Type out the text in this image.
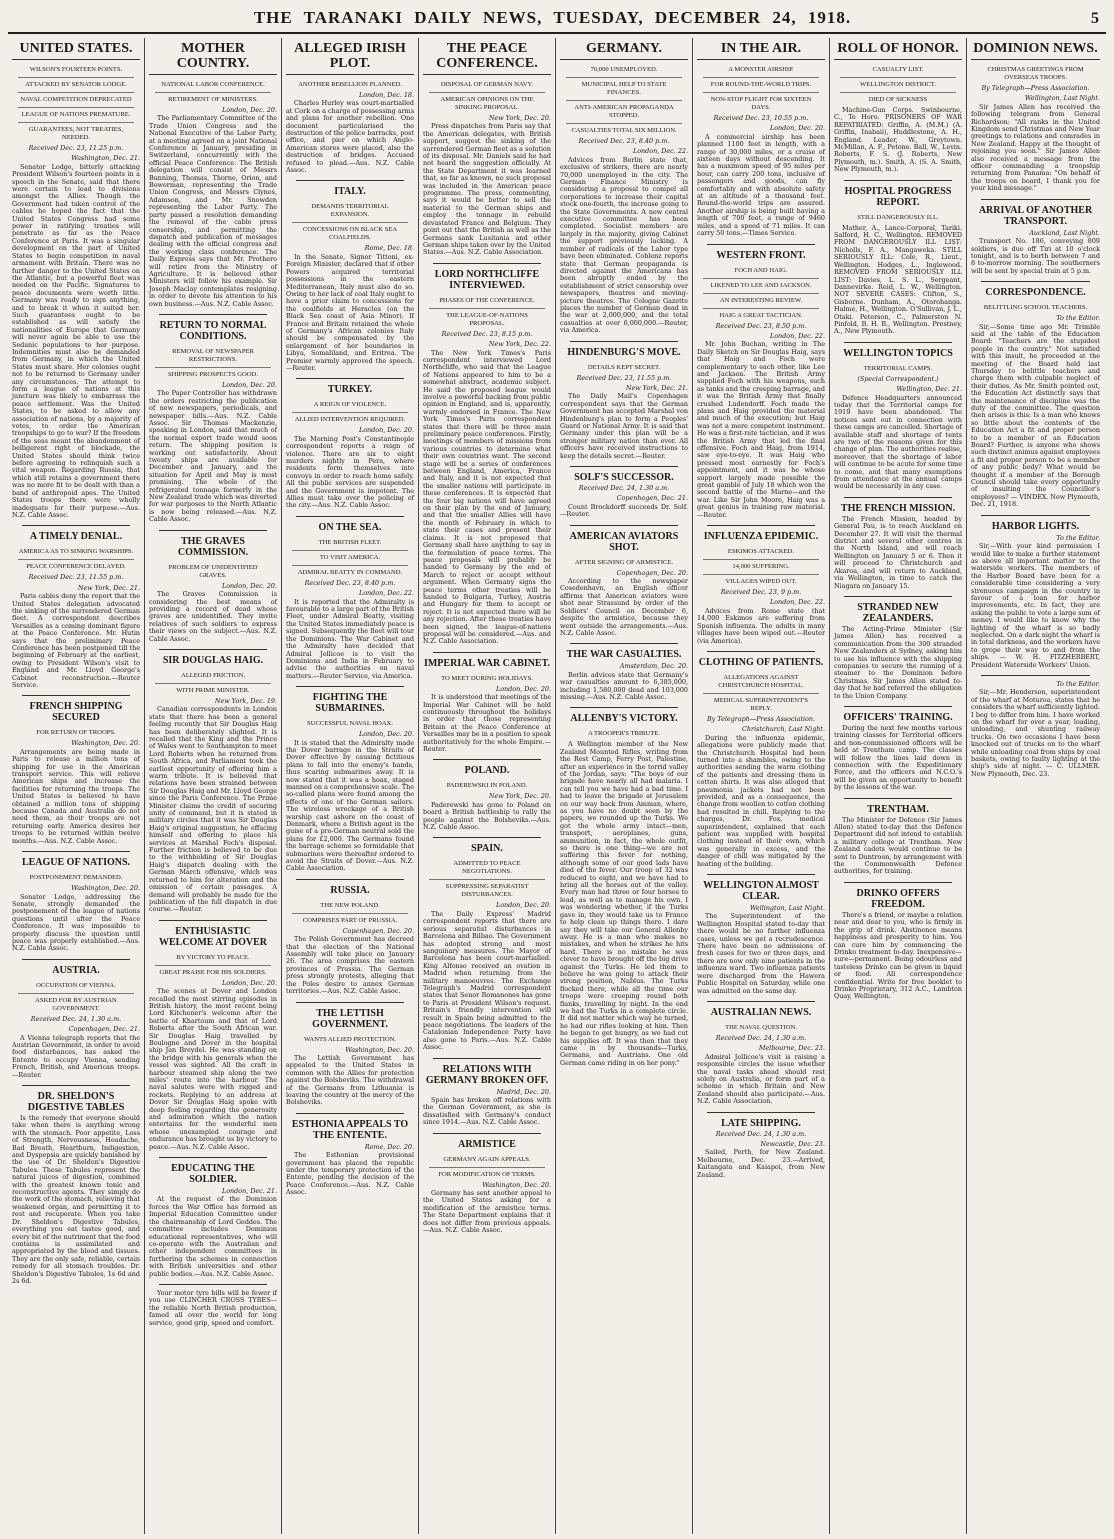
THE TARANAKI DAILY NEWS, TUESDAY, DECEMBER 24, 1918.	5
UNITED STATES.
WILSON'S FOURTEEN POINTS.
ATTACKED BY SENATOR LODGE.
NAVAL COMPETITION DEPRECATED
LEAGUE OF NATIONS PREMATURE.
GUARANTEES, NOT TREATIES, NEEDED.
Received Dec. 23, 11.25 p.m.
Washington, Dec. 21.

Senator Lodge, bitterly attacking President Wilson's fourteen points in a speech in the Senate, said that there were certain to lead to divisions amongst the Allies. Though the Government had taken control of the cables he hoped the fact that the United States Congress had some power in ratifying treaties will penetrate as far as the Peace Conference at Paris. It was a singular development on the part of United States to begin competition in naval armament with Britain. There was no further danger to the United States on the Atlantic, but a powerful fleet was needed on the Pacific. Signatures to peace documents were worth little. Germany was ready to sign anything, and to break it when it suited her. Such guarantees ought to be established as will satisfy the nationalities of Europe that Germany will never again be able to use the Sedanic populations to her purpose. Indemnities must also be demanded from Germany, in which the United States must share. Her colonies ought not to be returned to Germany under any circumstances. The attempt to form a league of nations at this juncture was likely to embarrass the peace settlement. Was the United States, to be asked to allow any association of nations, by a majority of votes, to order the American troopships to go to war? If the freedom of the seas meant the abandonment of belligerent right of blockade, the United States should think twice before agreeing to relinquish such a vital weapon. Regarding Russia, that which still retains a government there was no more fit to be dealt with than a band of anthropoid apes. The United States troops there were wholly inadequate for their purpose.—Aus. N.Z. Cable Assoc.

A TIMELY DENIAL.
AMERICA AS TO SINKING WARSHIPS.
PEACE CONFERENCE DELAYED.
Received Dec. 23, 11.55 p.m.
New York, Dec. 21.

Paris cables deny the report that the United States delegation advocated the sinking of the surrendered German fleet. A correspondent describes Versailles as a coming dominant figure at the Peace Conference. Mr. Hutin says that the preliminary Peace Conference has been postponed till the beginning of February at the earliest, owing to President Wilson's visit to England and Mr. Lloyd George's Cabinet reconstruction.—Reuter Service.

FRENCH SHIPPING SECURED
FOR RETURN OF TROOPS.
Washington, Dec. 20.

Arrangements are being made in Paris to release a million tons of shipping for use in the American transport service. This will relieve American ships and increase the facilities for returning the troops. The United States is believed to have obtained a million tons of shipping because Canada and Australia do not need them, as their troops are not returning early. America desires her troops to be returned within twelve months.—Aus. N.Z. Cable Assoc.

LEAGUE OF NATIONS.
POSTPONEMENT DEMANDED.
Washington, Dec. 20.

Senator Lodge, addressing the Senate, strongly demanded the postponement of the league of nations questions until after the Peace Conference. It was impossible to properly discuss the question until peace was properly established.—Aus. N.Z. Cable Assoc.

AUSTRIA.
OCCUPATION OF VIENNA.
ASKED FOR BY AUSTRIAN GOVERNMENT.
Received Dec. 24, 1.30 a.m.
Copenhagen, Dec. 21.

A Vienna telegraph reports that the Austrian Government, in order to avoid food disturbances, has asked the Entente to occupy Vienna, sending French, British, and American troops.—Reuter.

DR. SHELDON'S DIGESTIVE TABLES

Is the remedy that everyone should take when there is anything wrong with the stomach. Poor appetite, Loss of Strength, Nervousness, Headache, Bad Breath, Heartburn, Indigestion, and Dyspepsia are quickly banished by the use of Dr. Sheldon's Digestive Tabules. These Tabules represent the natural juices of digestion, combined with the greatest known tonic and reconstructive agents. They simply do the work of the stomach, relieving that weakened organ, and permitting it to rest and recuperate. When you take Dr. Sheldon's Digestive Tabules, everything you eat tastes good, and every bit of the nutriment that the food contains is assimilated and appropriated by the blood and tissues. They are the only safe, reliable, certain remedy for all stomach troubles. Dr. Sheldon's Digestive Tabules, 1s 6d and 2s 6d.

MOTHER COUNTRY.
NATIONAL LABOR CONFERENCE.
RETIREMENT OF MINISTERS.
London, Dec. 20.

The Parliamentary Committee of the Trade Union Congress and the National Executive of the Labor Party, at a meeting agreed on a joint National Conference in January, presiding in Switzerland, concurrently with the official Peace Conference. The British delegation will consist of Messrs Bunning, Thomas, Thorne, Orion, and Bowerman, representing the Trade Union Congress, and Messrs Clynes, Adamson, and Mr. Snowden representing the Labor Party. The party passed a resolution demanding the removal of the cable press censorship, and permitting the dispatch and publication of messages dealing with the official congress and the working class conference. The Daily Express says that Mr. Prothero will retire from the Ministry of Agriculture. It is believed other Ministers will follow his example. Sir Joseph Maclay contemplates resigning in order to devote his attention to his own business.—Aus. N.Z. Cable Assoc.

RETURN TO NORMAL CONDITIONS.
REMOVAL OF NEWSPAPER RESTRICTIONS.
SHIPPING PROSPECTS GOOD.
London, Dec. 20.

The Paper Controller has withdrawn the orders restricting the publication of new newspapers, periodicals, and newspaper bills.—Aus. N.Z. Cable Assoc. Sir Thomas Mackenzie, speaking in London, said that much of the normal export trade would soon return. The shipping position is working out satisfactorily. About twenty ships are available for December and January, and the situation for April and May is most promising. The whole of the refrigerated tonnage formerly in the New Zealand trade which was diverted for war purposes to the North Atlantic is now being released.—Aus. N.Z. Cable Assoc.

THE GRAVES COMMISSION.
PROBLEM OF UNIDENTIFIED GRAVES.
London, Dec. 20.

The Graves Commission is considering the best means of providing a record of dead whose graves are unidentified. They invite relatives of such soldiers to express their views on the subject.—Aus. N.Z. Cable Assoc.

SIR DOUGLAS HAIG.
ALLEGED FRICTION.
WITH PRIME MINISTER.
New York, Dec. 19.

Canadian correspondents in London state that there has been a general feeling recently that Sir Douglas Haig has been deliberately slighted. It is recalled that the King and the Prince of Wales went to Southampton to meet Lord Roberts when he returned from South Africa, and Parliament took the earliest opportunity of offering him a warm tribute. It is believed that relations have been strained between Sir Douglas Haig and Mr. Lloyd George since the Paris Conference. The Prime Minister claims the credit of securing unity of command, but it is stated in military circles that it was Sir Douglas Haig's original suggestion, he effacing himself and offering to place his services at Marshal Foch's disposal. Further friction is believed to be due to the withholding of Sir Douglas Haig's dispatch dealing with the German March offensive, which was returned to him for alteration and the omission of certain passages. A demand will probably be made for the publication of the full dispatch in due course.—Reuter.

ENTHUSIASTIC WELCOME AT DOVER
BY VICTORY TO PEACE.
GREAT PRAISE FOR HIS SOLDIERS.
London, Dec. 20.

The scenes at Dover and London recalled the most stirring episodes in British history, the most recent being Lord Kitchener's welcome after the battle of Khartoum and that of Lord Roberts after the South African war. Sir Douglas Haig travelled by Boulogne and Dover in the hospital ship Jan Breydel. He was standing on the bridge with his generals when the vessel was sighted. All the craft in harbour steamed ship along the two miles' route into the harbour. The naval salutes were with rigged and rockets. Replying to an address at Dover Sir Douglas Haig spoke with deep feeling regarding the generosity and admiration which the nation entertains for the wonderful men whose unexampled courage and endurance has brought us by victory to peace.—Aus. N.Z. Cable Assoc.

EDUCATING THE SOLDIER.
London, Dec. 21.

At the request of the Dominion forces the War Office has formed an Imperial Education Committee under the chairmanship of Lord Geddes. The committee includes Dominion educational representatives, who will co-operate with the Australian and other independent committees in furthering the schemes in connection with British universities and other public bodies.—Aus. N.Z. Cable Assoc.

Your motor tyre bills will be fewer if you use CLINCHER CROSS TYRES—the reliable North British production, famed all over the world for long service, good grip, speed and comfort.

ALLEGED IRISH PLOT.
ANOTHER REBELLION PLANNED.
London, Dec. 18.

Charles Hurley was court-martialled at Cork on a charge of possessing arms and plans for another rebellion. One document particularised the destruction of the police barracks, post office, and pier on which Anglo-American stores were placed, also the destruction of bridges. Accused refused to plead.—Aus. N.Z. Cable Assoc.

ITALY.
DEMANDS TERRITORIAL EXPANSION.
CONCESSIONS ON BLACK SEA COALFIELDS.
Rome, Dec. 18.

In the Senate, Signor Tittoni, ex-Foreign Minister, declared that if other Powers acquired territorial possessions in the eastern Mediterranean, Italy must also do so. Owing to her lack of coal Italy ought to have a prior claim to concessions for the coalfields at Heraclea (on the Black Sea coast of Asia Minor). If France and Britain retained the whole of Germany's African colonies Italy should be compensated by the enlargement of her boundaries in Libya, Somaliland, and Eritrea. The Premier warmly approved the speech.—Reuter.

TURKEY.
A REIGN OF VIOLENCE.
ALLIED INTERVENTION REQUIRED.
London, Dec. 20.

The Morning Post's Constantinople correspondent reports a reign of violence. There are six to eight murders nightly in Pera, where residents form themselves into convoys in order to reach home safely. All the public services are suspended and the Government is impotent. The Allies must take over the policing of the city.—Aus. N.Z. Cable Assoc.

ON THE SEA.
THE BRITISH FLEET.
TO VISIT AMERICA.
ADMIRAL BEATTY IN COMMAND.
Received Dec. 23, 8.40 p.m.
London, Dec. 22.

It is reported that the Admiralty is favourable to a large part of the British Fleet, under Admiral Beatty, visiting the United States immediately peace is signed. Subsequently the fleet will tour the Dominions. The War Cabinet and the Admiralty have decided that Admiral Jellicoe is to visit the Dominions and India in February to advise the authorities on naval matters.—Reuter Service, via America.

FIGHTING THE SUBMARINES.
SUCCESSFUL NAVAL HOAX.
London, Dec. 20.

It is stated that the Admiralty made the Dover barrage in the Straits of Dover effective by causing fictitious plans to fall into the enemy's hands, thus scaring submarines away. It is now stated that it was a hoax, staged manned on a comprehensive scale. The so-called plans were found among the effects of one of the German sailors. The wireless wreckage of a British warship cast ashore on the coast of Denmark, where a British agent in the guise of a pro-German neutral sold the plans for £2,000. The Germans found the barrage scheme so formidable that submarines were thereafter ordered to avoid the Straits of Dover.—Aus. N.Z. Cable Association.

RUSSIA.
THE NEW POLAND.
COMPRISES PART OF PRUSSIA.
Copenhagen, Dec. 20.

The Polish Government has decreed that the election of the National Assembly will take place on January 26. The area comprises the eastern provinces of Prussia. The German press strongly protests, alleging that the Poles desire to annex German territories.—Aus. N.Z. Cable Assoc.

THE LETTISH GOVERNMENT.
WANTS ALLIED PROTECTION.
Washington, Dec. 20.

The Lettish Government has appealed to the United States in common with the Allies for protection against the Bolsheviks. The withdrawal of the Germans from Lithuania is leaving the country at the mercy of the Bolsheviks.

ESTHONIA APPEALS TO THE ENTENTE.
Rome, Dec. 20.

The Esthonian provisional government has placed the republic under the temporary protection of the Entente, pending the decision of the Peace Conference.—Aus. N.Z. Cable Assoc.

THE PEACE CONFERENCE.
DISPOSAL OF GERMAN NAVY.
AMERICAN OPINIONS ON THE SINKING PROPOSAL.
New York, Dec. 20.

Press dispatches from Paris say that the American delegates, with British support, suggest the sinking of the surrendered German fleet as a solution of its disposal. Mr. Daniels said he had not heard the suggestion officially. At the State Department it was learned that, so far as known, no such proposal was included in the American peace programme. The press, commenting, says it would be better to sell the material to the German ships and employ the tonnage in rebuild devastated France and Belgium. They point out that the British as well as the Germans sank Lusitania and other German ships taken over by the United States.—Aus. N.Z. Cable Association.

LORD NORTHCLIFFE INTERVIEWED.
PHASES OF THE CONFERENCE.
THE LEAGUE-OF-NATIONS PROPOSAL.
Received Dec. 23, 8.15 p.m.
New York, Dec. 22.

The New York Times's Paris correspondent interviewed Lord Northcliffe, who said that the League of Nations appeared to him to be a somewhat abstract, academic subject. He said the proposed league would involve a powerful backing from public opinion in England, and is, apparently, warmly endorsed in France. The New York Times's Paris correspondent states that there will be three main preliminary peace conferences. Firstly, meetings of members of missions from various countries to determine what their own countries want. The second stage will be a series of conferences between England, America, France and Italy, and it is not expected that the smaller nations will participate in these conferences. It is expected that the four big nations will have agreed on their plan by the end of January, and that the smaller Allies will have the month of February in which to state their cases and present their claims. It is not proposed that Germany shall have anything to say in the formulation of peace terms. The peace proposals will probably be handed to Germany by the end of March to reject or accept without argument. When Germany signs the peace terms other treaties will be handed to Bulgaria, Turkey, Austria and Hungary for them to accept or reject. It is not expected there will be any rejection. After these treaties have been signed, the league-of-nations proposal will be considered.—Aus. and N.Z. Cable Association.

IMPERIAL WAR CABINET.
TO MEET DURING HOLIDAYS.
London, Dec. 20.

It is understood that meetings of the Imperial War Cabinet will be held continuously throughout the holidays in order that those representing Britain at the Peace Conference at Versailles may be in a position to speak authoritatively for the whole Empire.—Reuter.

POLAND.
PADEREWSKI IN POLAND.
New York, Dec. 20.

Paderewski has gone to Poland on board a British battleship to rally the people against the Bolsheviks.—Aus. N.Z. Cable Assoc.

SPAIN.
ADMITTED TO PEACE NEGOTIATIONS.
SUPPRESSING SEPARATIST DISTURBANCES.
London, Dec. 20.

The Daily Express' Madrid correspondent reports that there are serious separatist disturbances in Barcelona and Bilbao. The Government has adopted strong and most sanguinary measures. The Mayor of Barcelona has been court-martialled. King Alfonso received an ovation in Madrid when returning from the military manoeuvres. The Exchange Telegraph's Madrid correspondent states that Senor Romanones has gone to Paris at President Wilson's request. Britain's friendly intervention will result in Spain being admitted to the peace negotiations. The leaders of the Catalonian Independence Party have also gone to Paris.—Aus. N.Z. Cable Assoc.

RELATIONS WITH GERMANY BROKEN OFF.
Madrid, Dec. 20.

Spain has broken off relations with the German Government, as she is dissatisfied with Germany's conduct since 1914.—Aus. N.Z. Cable Assoc.

ARMISTICE
GERMANY AGAIN APPEALS.
FOR MODIFICATION OF TERMS.
Washington, Dec. 20.

Germany has sent another appeal to the United States asking for a modification of the armistice terms. The State Department explains that it does not differ from previous appeals.—Aus. N.Z. Cable Assoc.

GERMANY.
70,000 UNEMPLOYED.
MUNICIPAL HELP TO STATE FINANCES.
ANTI-AMERICAN PROPAGANDA STOPPED.
CASUALTIES TOTAL SIX MILLION.
Received Dec. 23, 8.40 p.m.
London, Dec. 22.

Advices from Berlin state that, exclusive of strikers, there are nearly 70,000 unemployed in the city. The German Finance Ministry is considering a proposal to compel all corporations to increase their capital stock one-fourth, the increase going to the State Governments. A new central executive committee has been completed. Socialist members are largely in the majority, giving Cabinet the support previously lacking. A number of radicals of the Labor type have been eliminated. Coblenz reports state that German propaganda is directed against the Americans has been abruptly ended by the establishment of strict censorship over newspapers, theatres and moving-picture theatres. The Cologne Gazette places the number of German dead in the war at 2,000,000, and the total casualties at over 6,000,000.—Reuter, via America.

HINDENBURG'S MOVE.
DETAILS KEPT SECRET.
Received Dec. 23, 11.55 p.m.
New York, Dec. 21.

The Daily Mail's Copenhagen correspondent says that the German Government has accepted Marshal von Hindenburg's plan to form a Peoples' Guard or National Army. It is said that Germany under this plan will be a stronger military nation than ever. All officers have received instructions to keep the details secret.—Reuter.

SOLF'S SUCCESSOR.
Received Dec. 24, 1.30 a.m.
Copenhagen, Dec. 21.

Count Brockdorff succeeds Dr. Solf.—Reuter.

AMERICAN AVIATORS SHOT.
AFTER SIGNING OF ARMISTICE.
Copenhagen, Dec. 20.

According to the newspaper Cosedenhavn, an English officer affirms that American aviators were shot near Strassund by order of the Soldiers' Council on December 6, despite the armistice, because they went outside the arrangements.—Aus. N.Z. Cable Assoc.

THE WAR CASUALTIES.
Amsterdam, Dec. 20.

Berlin advices state that Germany's war casualties amount to 6,385,000, including 1,580,000 dead and 103,000 missing.—Aus. N.Z. Cable Assoc.

ALLENBY'S VICTORY.
A TROOPER'S TRIBUTE.

A Wellington member of the New Zealand Mounted Rifles, writing from the Rest Camp, Ferry Post, Palestine, after an experience in the torrid valley of the Jordan, says: "The boys of our brigade have nearly all had malaria. I can tell you we have had a bad time. I had to leave the brigade at Jerusalem on our way back from Amman, where, as you have no doubt seen by the papers, we rounded up the Turks. We got the whole army intact—men, transport, aeroplanes, guns, ammunition, in fact, the whole outfit, so there is one thing—we are not suffering this fever for nothing, although some of our good lads have died of the fever. Our troop of 32 was reduced to eight, and we have had to bring all the horses out of the valley. Every man had three or four horses to lead, as well as to manage his own. I was wondering whether, if the Turks gave in, they would take us to France to help clean up things there. I dare say they will take our General Allenby away. He is a man who makes no mistakes, and when he strikes he hits hard. There is no mistake he was clever to have brought off the big drive against the Turks. He led them to believe he was going to attack their strong position, Nablus. The Turks flocked there, while all the time our troops were creeping round both flanks, travelling by night. In the end we had the Turks in a complete circle. It did not matter which way he turned, he had our rifles looking at him. Then he began to get hungry, as we had cut his supplies off. It was then that they came in by thousands—Turks, Germans, and Austrians. One old German came riding in on her pony."

IN THE AIR.
A MONSTER AIRSHIP.
FOR ROUND-THE-WORLD TRIPS.
NON-STOP FLIGHT FOR SIXTEEN DAYS.
Received Dec. 23, 10.55 p.m.
London, Dec. 20.

A commercial airship has been planned 1100 feet in length, with a range of 30,000 miles, or a cruise of sixteen days without descending. It has a maximum speed of 95 miles per hour, can carry 200 tons, inclusive of passengers and goods, can fly comfortably and with absolute safety at an altitude of a thousand feet. Round-the-world trips are assured. Another airship is being built having a length of 700 feet, a range of 9460 miles, and a speed of 71 miles. It can carry 50 tons.—Times Service.

WESTERN FRONT.
FOCH AND HAIG.
LIKENED TO LEE AND JACKSON.
AN INTERESTING REVIEW.
HAIG A GREAT TACTICIAN.
Received Dec. 23, 8.50 p.m.
London, Dec. 22.

Mr. John Buchan, writing in The Daily Sketch on Sir Douglas Haig, says that Haig and Foch were complementary to each other, like Lee and Jackson. The British Army supplied Foch with his weapons, such as tanks and the creeping barrage, and it was the British Army that finally crushed Ludendorff. Foch made the plans and Haig provided the material and much of the execution; but Haig was not a mere competent instrument. He was a first-rate tactician, and it was the British Army that led the final offensive. Foch and Haig, from 1914, saw eye-to-eye. It was Haig who pressed most earnestly for Foch's appointment, and it was he whose support largely made possible the great gamble of July 18 which won the second battle of the Marne—and the war. Like Sir John Moore, Haig was a great genius in training raw material.—Reuter.

INFLUENZA EPIDEMIC.
ESKIMOS ATTACKED.
14,000 SUFFERING.
VILLAGES WIPED OUT.
Received Dec. 23, 9 p.m.
London, Dec. 22.

Advices from Rome state that 14,000 Eskimos are suffering from Spanish influenza. The adults in many villages have been wiped out.—Reuter (via America).

CLOTHING OF PATIENTS.
ALLEGATIONS AGAINST CHRISTCHURCH HOSPITAL.
MEDICAL SUPERINTENDENT'S REPLY.
By Telegraph—Press Association.
Christchurch, Last Night.

During the influenza epidemic, allegations were publicly made that the Christchurch Hospital had been turned into a shambles, owing to the authorities sending the warm clothing of the patients and dressing them in cotton shirts. It was also alleged that pneumonia jackets had not been provided, and as a consequence, the change from woollen to cotton clothing had resulted in chill. Replying to the charges, Dr. Fox, medical superintendent, explained that each patient was supplied with hospital clothing instead of their own, which was generally in excess, and the danger of chill was mitigated by the heating of the building.

WELLINGTON ALMOST CLEAR.
Wellington, Last Night.

The Superintendent of the Wellington Hospital stated to-day that there would be no further influenza cases, unless we get a recrudescence. There have been no admissions of fresh cases for two or three days, and there are now only nine patients in the influenza ward. Two influenza patients were discharged from the Hawera Public Hospital on Saturday, while one was admitted on the same day.

AUSTRALIAN NEWS.
THE NAVAL QUESTION.
Received Dec. 24, 1.30 a.m.
Melbourne, Dec. 23.

Admiral Jellicoe's visit is raising a responsible circles the issue whether the naval tasks ahead should rest solely on Australia, or form part of a scheme in which Britain and New Zealand should also participate.—Aus. N.Z. Cable Association.

LATE SHIPPING.
Received Dec. 24, 1.30 a.m.
Newcastle, Dec. 23.

Sailed, Perth, for New Zealand. Melbourne, Dec. 23.—Arrived, Kaitangata and Kaiapoi, from New Zealand.

ROLL OF HONOR.
CASUALTY LIST.
WELLINGTON DISTRICT.
DIED OF SICKNESS

Machine-Gun Corps. Swinbourne, C., Te Horo. PRISONERS OF WAR REPATRIATED: Griffin, A. (M.M.) (A. Griffin, Inabaii), Huddlestone, A. H., England. Leader, W., Greytown. McMillan, A. F., Petone. Ball, W., Levin. Roberts, F. S. (J. Roberts, New Plymouth, m.). Smith, A. (S. A. Smith, New Plymouth, m.).

HOSPITAL PROGRESS REPORT.
STILL DANGEROUSLY ILL.

Mather, A., Lance-Corporal, Tariki. Salford, H. C., Wellington. REMOVED FROM DANGEROUSLY ILL LIST: Nicholls, F. A., Mangaweka. STILL SERIOUSLY ILL: Cole, R., Lieut., Wellington. Hodges, L., Inglewood. REMOVED FROM SERIOUSLY ILL LIST: Davies, L. S. L., Sergeant, Dannevirke. Reid, L. W., Wellington. NOT SEVERE CASES: Clifton, S., Gisborne. Dunham, A., Otorohanga. Halme, H., Wellington. O'Sullivan, J. L., Otaki. Peterson, C., Palmerston N. Pinfold, B. H. B., Wellington. Prestney, A., New Plymouth.

WELLINGTON TOPICS
TERRITORIAL CAMPS.
(Special Correspondent.)
Wellington, Dec. 21.

Defence Headquarters announced today that the Territorial camps for 1919 have been abandoned. The notices sent out in connection with these camps are cancelled. Shortage of available staff and shortage of tents are two of the reasons given for this change of plan. The authorities realise, moreover, that the shortage of labor will continue to be acute for some time to come, and that many exemptions from attendance at the annual camps would be necessarily in any case.

THE FRENCH MISSION.

The French Mission, headed by General Pau, is to reach Auckland on December 27. It will visit the thermal district and several other centres in the North Island, and will reach Wellington on January 5 or 6. Then it will proceed to Christchurch and Akaroa, and will return to Auckland, via Wellington, in time to catch the Niagara on January 15.

STRANDED NEW ZEALANDERS.

The Acting-Prime Minister (Sir James Allen) has received a communication from the 300 stranded New Zealanders at Sydney, asking him to use his influence with the shipping companies to secure the running of a steamer to the Dominion before Christmas. Sir James Allen stated to-day that he had referred the obligation to the Union Company.

OFFICERS' TRAINING.

During the next few months various training classes for Territorial officers and non-commissioned officers will be held at Trentham camp. The classes will follow the lines laid down in connection with the Expeditionary Force, and the officers and N.C.O.'s will be given an opportunity to benefit by the lessons of the war.

TRENTHAM.

The Minister for Defence (Sir James Allen) stated to-day that the Defence Department did not intend to establish a military college at Trentham. New Zealand cadets would continue to be sent to Duntroon, by arrangement with the Commonwealth Defence authorities, for training.

DRINKO OFFERS FREEDOM.

There's a friend, or maybe a relation near and dear to you, who is firmly in the grip of drink. Abstinence means happiness and prosperity to him. You can cure him by commencing the Drinko treatment to-day. Inexpensive—sure—permanent. Being odourless and tasteless Drinko can be given in liquid or food. All correspondence confidential. Write for free booklet to Drinko Proprietary, 312 A.C., Lambton Quay, Wellington.

DOMINION NEWS.
CHRISTMAS GREETINGS FROM OVERSEAS TROOPS.
By Telegraph—Press Association.
Wellington, Last Night.

Sir James Allen has received the following telegram from General Richardson: "All ranks in the United Kingdom send Christmas and New Year greetings to relations and comrades in New Zealand. Happy at the thought of rejoining you soon." Sir James Allen also received a message from the officer commanding a troopship returning from Panama: "On behalf of the troops on board, I thank you for your kind message."

ARRIVAL OF ANOTHER TRANSPORT.
Auckland, Last Night.

Transport No. 186, conveying 809 soldiers, is due off Tiri at 10 o'clock tonight, and is to berth between 7 and 8 to-morrow morning. The southerners will be sent by special train at 5 p.m.

CORRESPONDENCE.
BELITTLING SCHOOL TEACHERS.
To the Editor.

Sir,—Some time ago Mr. Trimble said at the table of the Education Board: "Teachers are the stupidest people in the country." Not satisfied with this insult, he proceeded at the meeting of the Board held last Thursday to belittle teachers and charge them with culpable neglect of their duties. As Mr. Smith pointed out, the Education Act distinctly says that the maintenance of discipline was the duty of the committee. The question then arises is this: Is a man who knows so little about the contents of the Education Act a fit and proper person to be a member of an Education Board? Further, is anyone who shows such distinct animus against employees a fit and proper person to be a member of any public body? What would be thought if a member of the Borough Council should take every opportunity of insulting the Councillor's employees? — VINDEX. New Plymouth, Dec. 21, 1918.

HARBOR LIGHTS.
To the Editor.

Sir,—With your kind permission I would like to make a further statement as above all important matter to the waterside workers. The members of the Harbor Board have been for a considerable time considering a very strenuous campaign in the country in favour of a loan for harbor improvements, etc. In fact, they are asking the public to vote a large sum of money. I would like to know why the lighting of the wharf is so badly neglected. On a dark night the wharf is in total darkness, and the workers have to grope their way to and from the ships. — W. H. FITZHERBERT, President Waterside Workers' Union.

To the Editor.

Sir,—Mr. Henderson, superintendent of the wharf at Moturoa, states that he considers the wharf sufficiently lighted. I beg to differ from him. I have worked on the wharf for over a year, loading, unloading, and shunting railway trucks. On two occasions I have been knocked out of trucks on to the wharf while unloading coal from ships by coal baskets, owing to faulty lighting at the ship's side at night. — C. ULLMER. New Plymouth, Dec. 23.
